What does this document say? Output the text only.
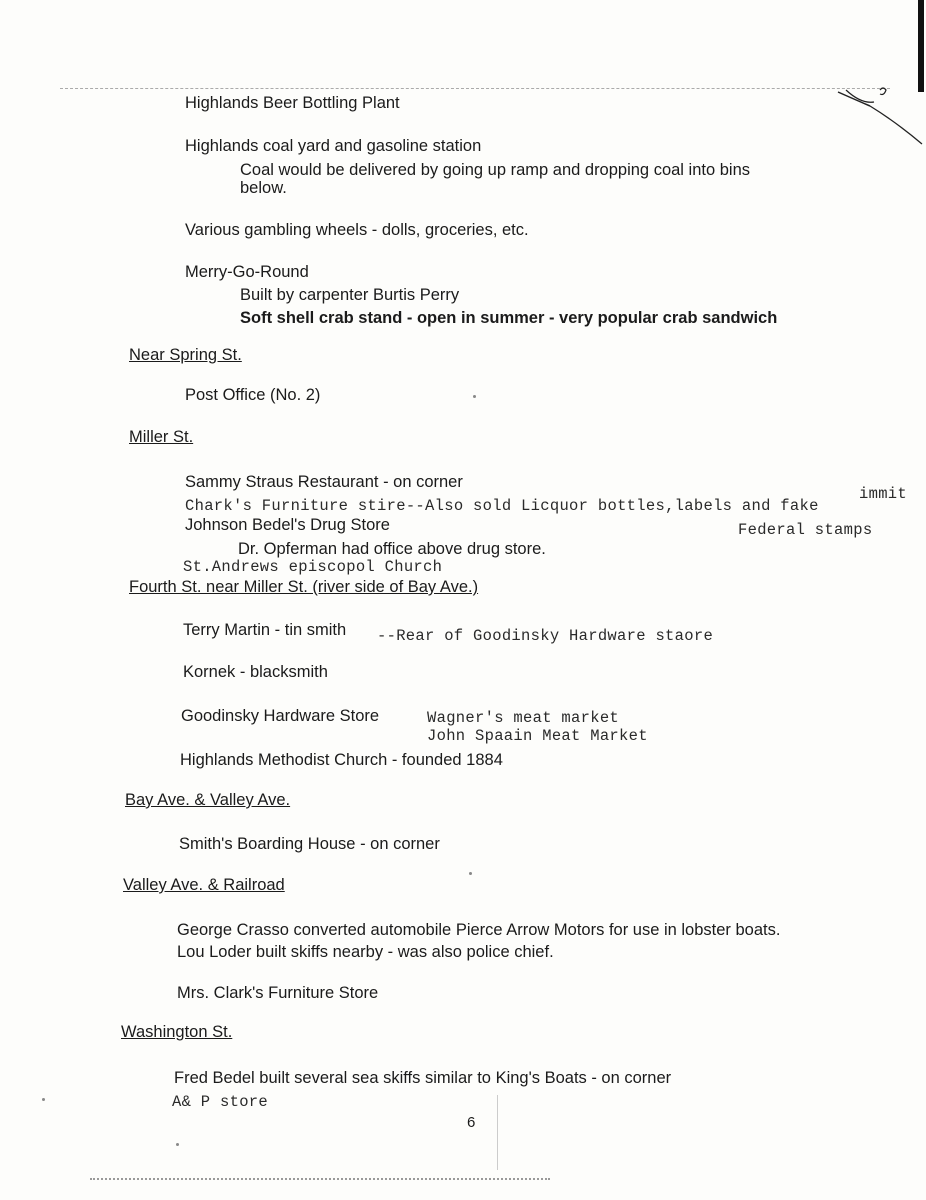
Highlands Beer Bottling Plant
Highlands coal yard and gasoline station
Coal would be delivered by going up ramp and dropping coal into bins
below.
Various gambling wheels - dolls, groceries, etc.
Merry-Go-Round
Built by carpenter Burtis Perry
Soft shell crab stand - open in summer - very popular crab sandwich
Near Spring St.
Post Office (No. 2)
Miller St.
Sammy Straus Restaurant - on corner
Chark's Furniture stire--Also sold Licquor bottles,labels and fake
immit
Johnson Bedel's Drug Store	Federal stamps
Dr. Opferman had office above drug store.
St.Andrews episcopol Church
Fourth St. near Miller St. (river side of Bay Ave.)
Terry Martin - tin smith --Rear of Goodinsky Hardware staore
Kornek - blacksmith
Goodinsky Hardware Store	Wagner's meat market
John Spaain Meat Market
Highlands Methodist Church - founded 1884
Bay Ave. & Valley Ave.
Smith's Boarding House - on corner
Valley Ave. & Railroad
George Crasso converted automobile Pierce Arrow Motors for use in lobster boats.
Lou Loder built skiffs nearby - was also police chief.
Mrs. Clark's Furniture Store
Washington St.
Fred Bedel built several sea skiffs similar to King's Boats - on corner
A& P store
6
